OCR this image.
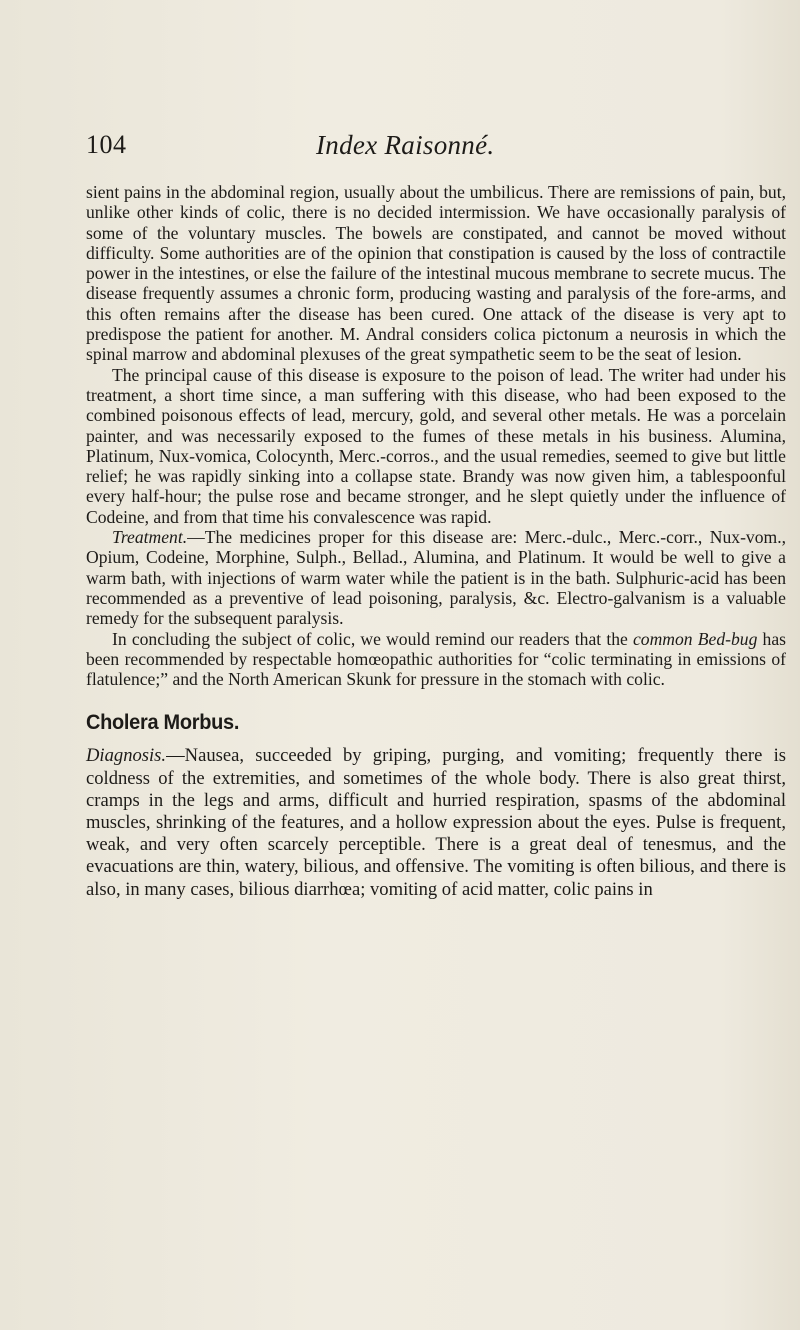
104	Index Raisonné.

sient pains in the abdominal region, usually about the umbilicus. There are remissions of pain, but, unlike other kinds of colic, there is no decided intermission. We have occasionally paralysis of some of the voluntary muscles. The bowels are constipated, and cannot be moved without difficulty. Some authorities are of the opinion that constipation is caused by the loss of contractile power in the intestines, or else the failure of the intestinal mucous membrane to secrete mucus. The disease frequently assumes a chronic form, producing wasting and paralysis of the fore-arms, and this often remains after the disease has been cured. One attack of the disease is very apt to predispose the patient for another. M. Andral considers colica pictonum a neurosis in which the spinal marrow and abdominal plexuses of the great sympathetic seem to be the seat of lesion.

The principal cause of this disease is exposure to the poison of lead. The writer had under his treatment, a short time since, a man suffering with this disease, who had been exposed to the combined poisonous effects of lead, mercury, gold, and several other metals. He was a porcelain painter, and was necessarily exposed to the fumes of these metals in his business. Alumina, Platinum, Nux-vomica, Colocynth, Merc.-corros., and the usual remedies, seemed to give but little relief; he was rapidly sinking into a collapse state. Brandy was now given him, a tablespoonful every half-hour; the pulse rose and became stronger, and he slept quietly under the influence of Codeine, and from that time his convalescence was rapid.

Treatment.—The medicines proper for this disease are: Merc.-dulc., Merc.-corr., Nux-vom., Opium, Codeine, Morphine, Sulph., Bellad., Alumina, and Platinum. It would be well to give a warm bath, with injections of warm water while the patient is in the bath. Sulphuric-acid has been recommended as a preventive of lead poisoning, paralysis, &c. Electro-galvanism is a valuable remedy for the subsequent paralysis.

In concluding the subject of colic, we would remind our readers that the common Bed-bug has been recommended by respectable homœopathic authorities for “colic terminating in emissions of flatulence;” and the North American Skunk for pressure in the stomach with colic.

Cholera Morbus.

Diagnosis.—Nausea, succeeded by griping, purging, and vomiting; frequently there is coldness of the extremities, and sometimes of the whole body. There is also great thirst, cramps in the legs and arms, difficult and hurried respiration, spasms of the abdominal muscles, shrinking of the features, and a hollow expression about the eyes. Pulse is frequent, weak, and very often scarcely perceptible. There is a great deal of tenesmus, and the evacuations are thin, watery, bilious, and offensive. The vomiting is often bilious, and there is also, in many cases, bilious diarrhœa; vomiting of acid matter, colic pains in
